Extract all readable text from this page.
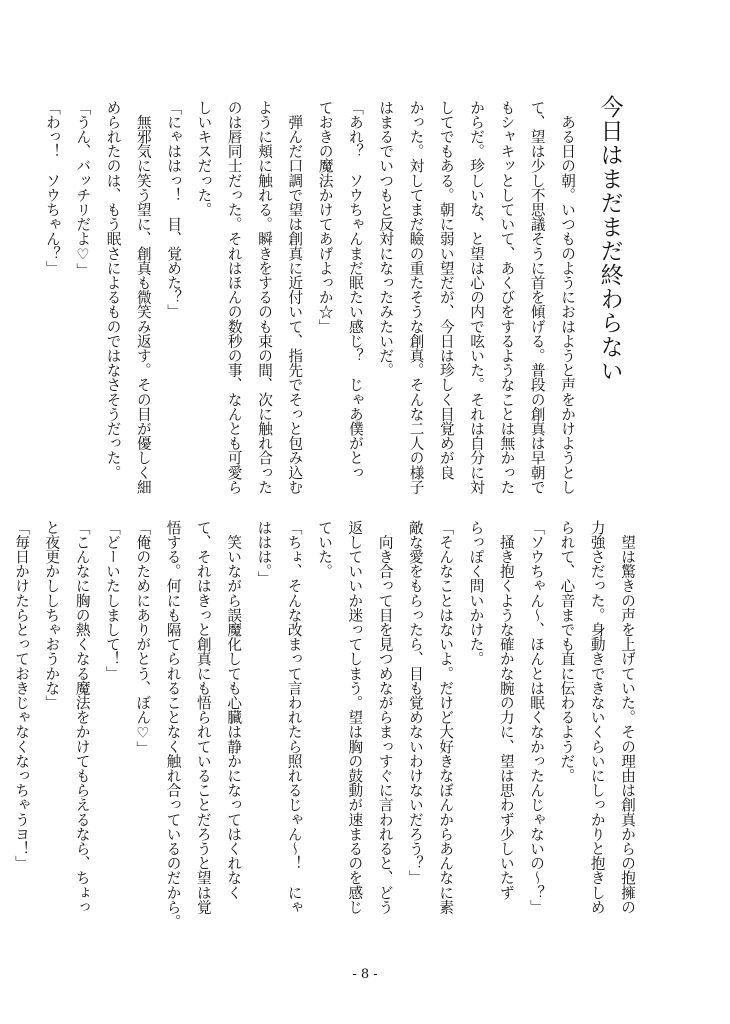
今日はまだまだ終わらない
　ある日の朝。いつものようにおはようと声をかけようとし
て、望は少し不思議そうに首を傾げる。普段の創真は早朝で
もシャキッとしていて、あくびをするようなことは無かった
からだ。珍しいな、と望は心の内で呟いた。それは自分に対
してでもある。朝に弱い望だが、今日は珍しく目覚めが良
かった。対してまだ瞼の重たそうな創真。そんな二人の様子
はまるでいつもと反対になったみたいだ。
「あれ？　ソウちゃんまだ眠たい感じ？　じゃあ僕がとっ
ておきの魔法かけてあげよっか☆」
　弾んだ口調で望は創真に近付いて、指先でそっと包み込む
ように頬に触れる。瞬きをするのも束の間、次に触れ合った
のは唇同士だった。それはほんの数秒の事、なんとも可愛ら
しいキスだった。
「にゃははっ！　目、覚めた？」
　無邪気に笑う望に、創真も微笑み返す。その目が優しく細
められたのは、もう眠さによるものではなさそうだった。
「うん、バッチリだよ♡」
「わっ！　ソウちゃん？」
　望は驚きの声を上げていた。その理由は創真からの抱擁の
力強さだった。身動きできないくらいにしっかりと抱きしめ
られて、心音までも直に伝わるようだ。
「ソウちゃん〜、ほんとは眠くなかったんじゃないの〜？」
　掻き抱くような確かな腕の力に、望は思わず少しいたず
らっぽく問いかけた。
「そんなことはないよ。だけど大好きなぼんからあんなに素
敵な愛をもらったら、目も覚めないわけないだろう？」
　向き合って目を見つめながらまっすぐに言われると、どう
返していいか迷ってしまう。望は胸の鼓動が速まるのを感じ
ていた。
「ちょ、そんな改まって言われたら照れるじゃん〜！　にゃ
ははは。」
　笑いながら誤魔化しても心臓は静かになってはくれなく
て、それはきっと創真にも悟られていることだろうと望は覚
悟する。何にも隔てられることなく触れ合っているのだから。
「俺のためにありがとう、ぼん♡」
「どーいたしまして！」
「こんなに胸の熱くなる魔法をかけてもらえるなら、ちょっ
と夜更かししちゃおうかな」
「毎日かけたらとっておきじゃなくなっちゃうヨ！」
- 8 -
